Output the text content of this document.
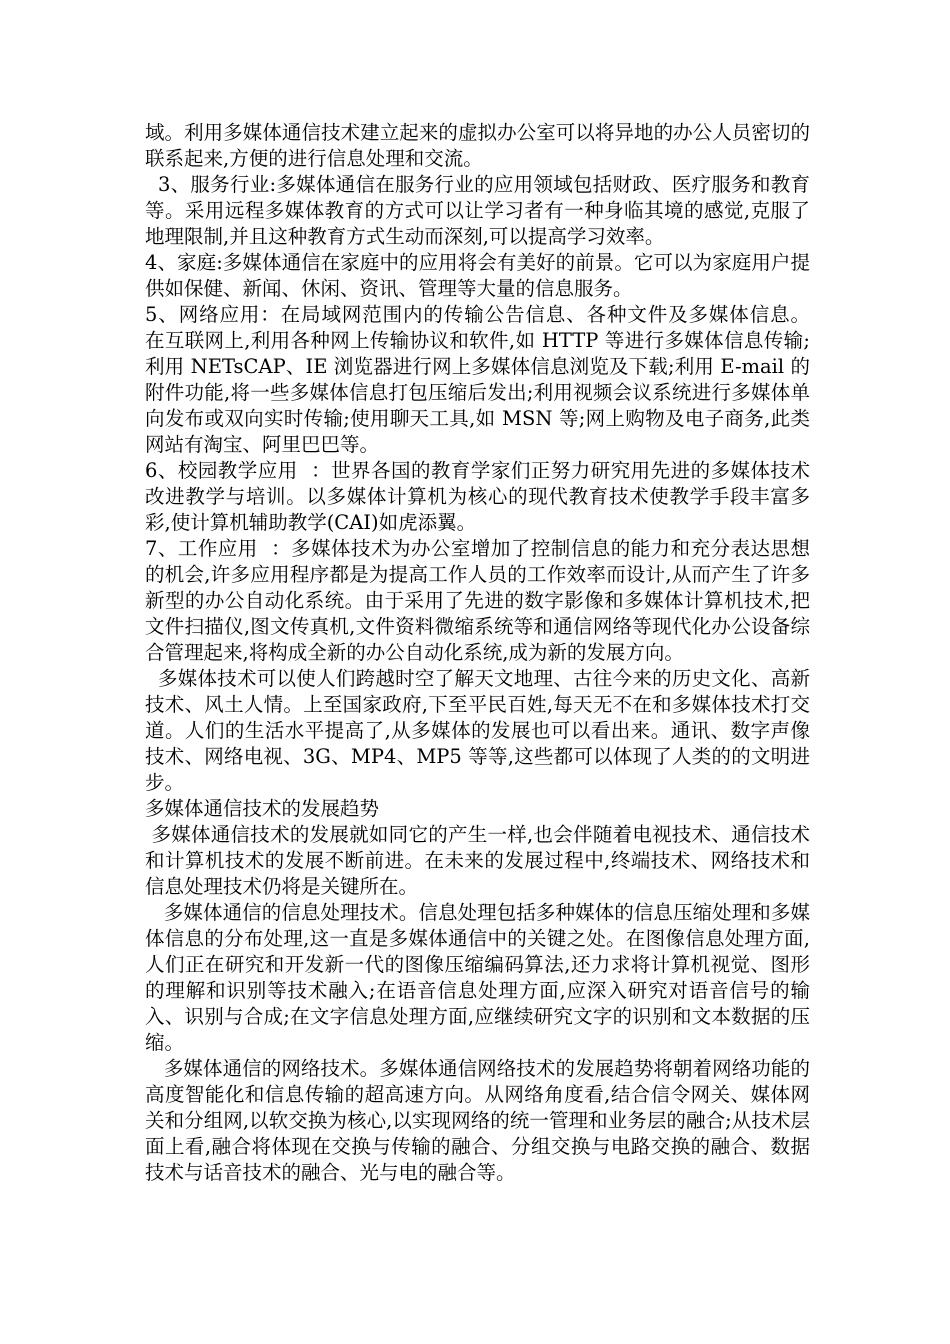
域。利用多媒体通信技术建立起来的虚拟办公室可以将异地的办公人员密切的联系起来,方便的进行信息处理和交流。

3、服务行业:多媒体通信在服务行业的应用领域包括财政、医疗服务和教育等。采用远程多媒体教育的方式可以让学习者有一种身临其境的感觉,克服了地理限制,并且这种教育方式生动而深刻,可以提高学习效率。

4、家庭:多媒体通信在家庭中的应用将会有美好的前景。它可以为家庭用户提供如保健、新闻、休闲、资讯、管理等大量的信息服务。

5、网络应用：在局域网范围内的传输公告信息、各种文件及多媒体信息。    在互联网上,利用各种网上传输协议和软件,如 HTTP 等进行多媒体信息传输;利用 NETsCAP、IE 浏览器进行网上多媒体信息浏览及下载;利用 E-mail 的附件功能,将一些多媒体信息打包压缩后发出;利用视频会议系统进行多媒体单向发布或双向实时传输;使用聊天工具,如 MSN 等;网上购物及电子商务,此类网站有淘宝、阿里巴巴等。

6、校园教学应用  ：世界各国的教育学家们正努力研究用先进的多媒体技术改进教学与培训。以多媒体计算机为核心的现代教育技术使教学手段丰富多彩,使计算机辅助教学(CAI)如虎添翼。

7、工作应用  ：多媒体技术为办公室增加了控制信息的能力和充分表达思想的机会,许多应用程序都是为提高工作人员的工作效率而设计,从而产生了许多新型的办公自动化系统。由于采用了先进的数字影像和多媒体计算机技术,把文件扫描仪,图文传真机,文件资料微缩系统等和通信网络等现代化办公设备综合管理起来,将构成全新的办公自动化系统,成为新的发展方向。

多媒体技术可以使人们跨越时空了解天文地理、古往今来的历史文化、高新技术、风土人情。上至国家政府,下至平民百姓,每天无不在和多媒体技术打交道。人们的生活水平提高了,从多媒体的发展也可以看出来。通讯、数字声像技术、网络电视、3G、MP4、MP5 等等,这些都可以体现了人类的的文明进步。

多媒体通信技术的发展趋势

多媒体通信技术的发展就如同它的产生一样,也会伴随着电视技术、通信技术和计算机技术的发展不断前进。在未来的发展过程中,终端技术、网络技术和信息处理技术仍将是关键所在。

多媒体通信的信息处理技术。信息处理包括多种媒体的信息压缩处理和多媒体信息的分布处理,这一直是多媒体通信中的关键之处。在图像信息处理方面,人们正在研究和开发新一代的图像压缩编码算法,还力求将计算机视觉、图形的理解和识别等技术融入;在语音信息处理方面,应深入研究对语音信号的输入、识别与合成;在文字信息处理方面,应继续研究文字的识别和文本数据的压缩。

多媒体通信的网络技术。多媒体通信网络技术的发展趋势将朝着网络功能的高度智能化和信息传输的超高速方向。从网络角度看,结合信令网关、媒体网关和分组网,以软交换为核心,以实现网络的统一管理和业务层的融合;从技术层面上看,融合将体现在交换与传输的融合、分组交换与电路交换的融合、数据技术与话音技术的融合、光与电的融合等。
